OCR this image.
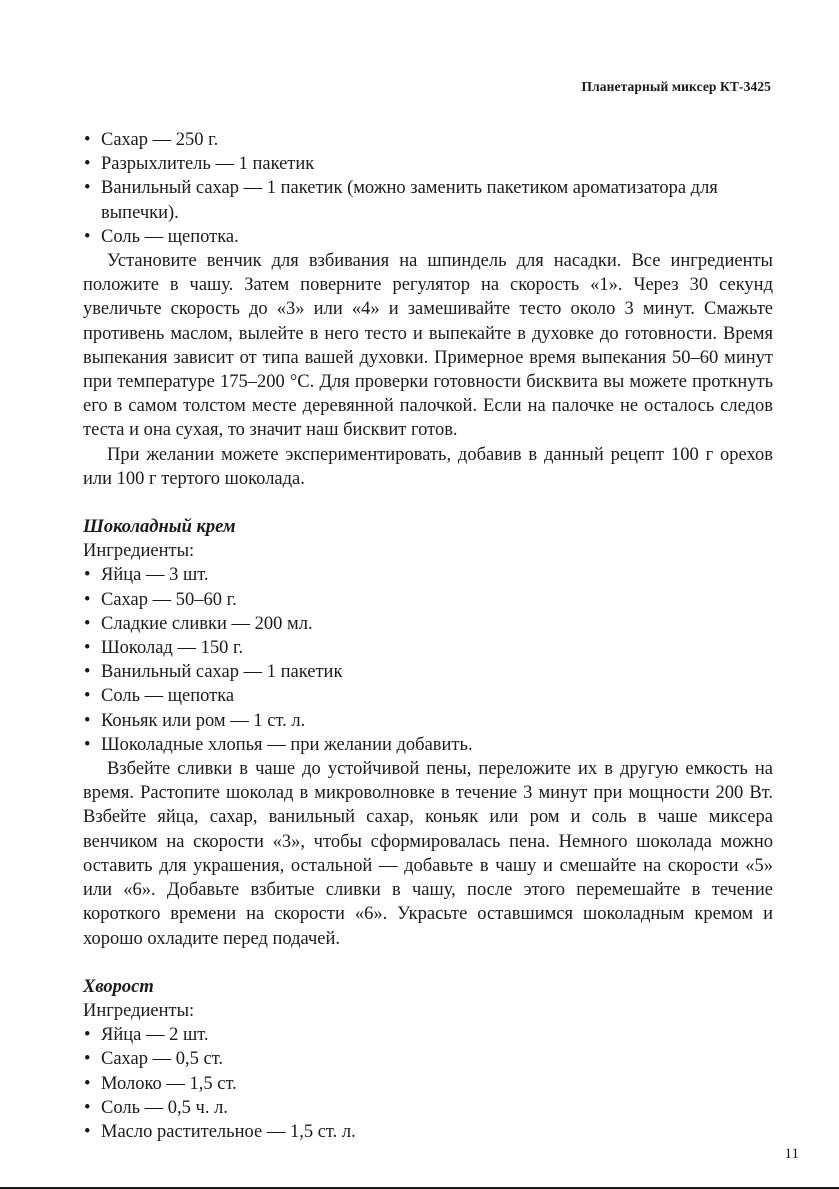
Планетарный миксер КТ-3425
• Сахар — 250 г.
• Разрыхлитель — 1 пакетик
• Ванильный сахар — 1 пакетик (можно заменить пакетиком ароматизатора для выпечки).
• Соль — щепотка.

Установите венчик для взбивания на шпиндель для насадки. Все ингредиенты положите в чашу. Затем поверните регулятор на скорость «1». Через 30 секунд увеличьте скорость до «3» или «4» и замешивайте тесто около 3 минут. Смажьте противень маслом, вылейте в него тесто и выпекайте в духовке до готовности. Время выпекания зависит от типа вашей духовки. Примерное время выпекания 50–60 минут при температуре 175–200 °С. Для проверки готовности бисквита вы можете проткнуть его в самом толстом месте деревянной палочкой. Если на палочке не осталось следов теста и она сухая, то значит наш бисквит готов.

При желании можете экспериментировать, добавив в данный рецепт 100 г орехов или 100 г тертого шоколада.

Шоколадный крем

Ингредиенты:

• Яйца — 3 шт.
• Сахар — 50–60 г.
• Сладкие сливки — 200 мл.
• Шоколад — 150 г.
• Ванильный сахар — 1 пакетик
• Соль — щепотка
• Коньяк или ром — 1 ст. л.
• Шоколадные хлопья — при желании добавить.

Взбейте сливки в чаше до устойчивой пены, переложите их в другую емкость на время. Растопите шоколад в микроволновке в течение 3 минут при мощности 200 Вт. Взбейте яйца, сахар, ванильный сахар, коньяк или ром и соль в чаше миксера венчиком на скорости «3», чтобы сформировалась пена. Немного шоколада можно оставить для украшения, остальной — добавьте в чашу и смешайте на скорости «5» или «6». Добавьте взбитые сливки в чашу, после этого перемешайте в течение короткого времени на скорости «6». Украсьте оставшимся шоколадным кремом и хорошо охладите перед подачей.

Хворост

Ингредиенты:

• Яйца — 2 шт.
• Сахар — 0,5 ст.
• Молоко — 1,5 ст.
• Соль — 0,5 ч. л.
• Масло растительное — 1,5 ст. л.
11
